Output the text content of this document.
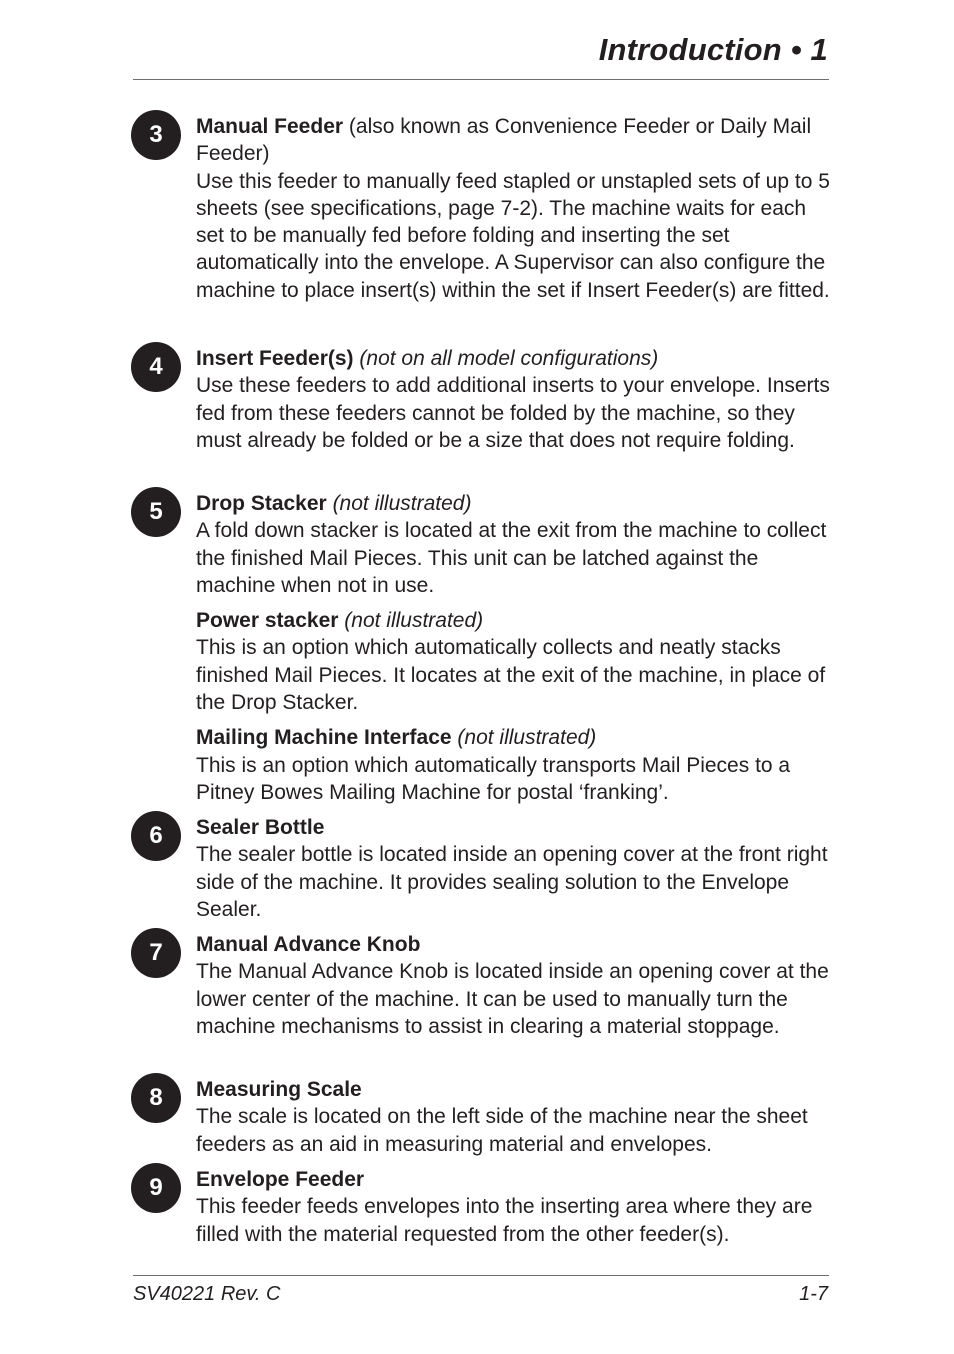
Introduction • 1
3	Manual Feeder (also known as Convenience Feeder or Daily Mail Feeder)

Use this feeder to manually feed stapled or unstapled sets of up to 5 sheets (see specifications, page 7-2). The machine waits for each set to be manually fed before folding and inserting the set automatically into the envelope. A Supervisor can also configure the machine to place insert(s) within the set if Insert Feeder(s) are fitted.

4	Insert Feeder(s) (not on all model configurations)

Use these feeders to add additional inserts to your envelope. Inserts fed from these feeders cannot be folded by the machine, so they must already be folded or be a size that does not require folding.

5	Drop Stacker (not illustrated)

A fold down stacker is located at the exit from the machine to collect the finished Mail Pieces. This unit can be latched against the machine when not in use.

Power stacker (not illustrated)

This is an option which automatically collects and neatly stacks finished Mail Pieces. It locates at the exit of the machine, in place of the Drop Stacker.

Mailing Machine Interface (not illustrated)

This is an option which automatically transports Mail Pieces to a Pitney Bowes Mailing Machine for postal ‘franking’.

6	Sealer Bottle

The sealer bottle is located inside an opening cover at the front right side of the machine. It provides sealing solution to the Envelope Sealer.

7	Manual Advance Knob

The Manual Advance Knob is located inside an opening cover at the lower center of the machine. It can be used to manually turn the machine mechanisms to assist in clearing a material stoppage.

8	Measuring Scale

The scale is located on the left side of the machine near the sheet feeders as an aid in measuring material and envelopes.

9	Envelope Feeder

This feeder feeds envelopes into the inserting area where they are filled with the material requested from the other feeder(s).

SV40221 Rev. C	1-7
